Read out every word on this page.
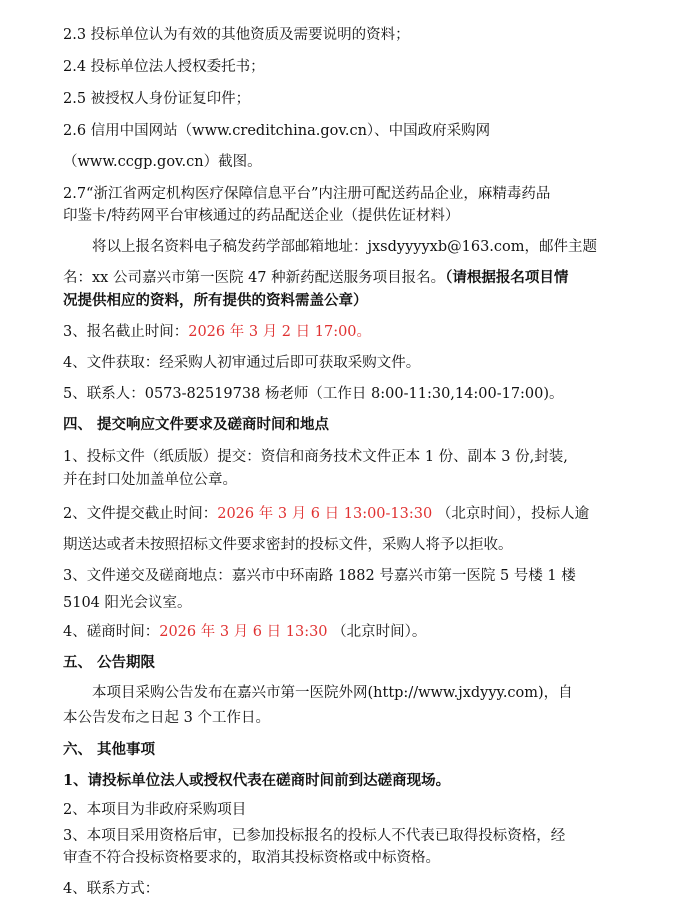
2.3 投标单位认为有效的其他资质及需要说明的资料；
2.4 投标单位法人授权委托书；
2.5 被授权人身份证复印件；
2.6 信用中国网站（www.creditchina.gov.cn）、中国政府采购网
（www.ccgp.gov.cn）截图。
2.7“浙江省两定机构医疗保障信息平台”内注册可配送药品企业，麻精毒药品
印鉴卡/特药网平台审核通过的药品配送企业（提供佐证材料）
将以上报名资料电子稿发药学部邮箱地址：jxsdyyyyxb@163.com，邮件主题
名：xx 公司嘉兴市第一医院 47 种新药配送服务项目报名。（请根据报名项目情
况提供相应的资料，所有提供的资料需盖公章）
3、报名截止时间：2026 年 3 月 2 日 17:00。
4、文件获取：经采购人初审通过后即可获取采购文件。
5、联系人：0573-82519738 杨老师（工作日 8:00-11:30,14:00-17:00)。
四、 提交响应文件要求及磋商时间和地点
1、投标文件（纸质版）提交：资信和商务技术文件正本 1 份、副本 3 份,封装,
并在封口处加盖单位公章。
2、文件提交截止时间：2026 年 3 月 6 日 13:00-13:30 （北京时间），投标人逾
期送达或者未按照招标文件要求密封的投标文件，采购人将予以拒收。
3、文件递交及磋商地点：嘉兴市中环南路 1882 号嘉兴市第一医院 5 号楼 1 楼
5104 阳光会议室。
4、磋商时间：2026 年 3 月 6 日 13:30 （北京时间）。
五、 公告期限
本项目采购公告发布在嘉兴市第一医院外网(http://www.jxdyyy.com)，自
本公告发布之日起 3 个工作日。
六、 其他事项
1、请投标单位法人或授权代表在磋商时间前到达磋商现场。
2、本项目为非政府采购项目
3、本项目采用资格后审，已参加投标报名的投标人不代表已取得投标资格，经
审查不符合投标资格要求的，取消其投标资格或中标资格。
4、联系方式：
